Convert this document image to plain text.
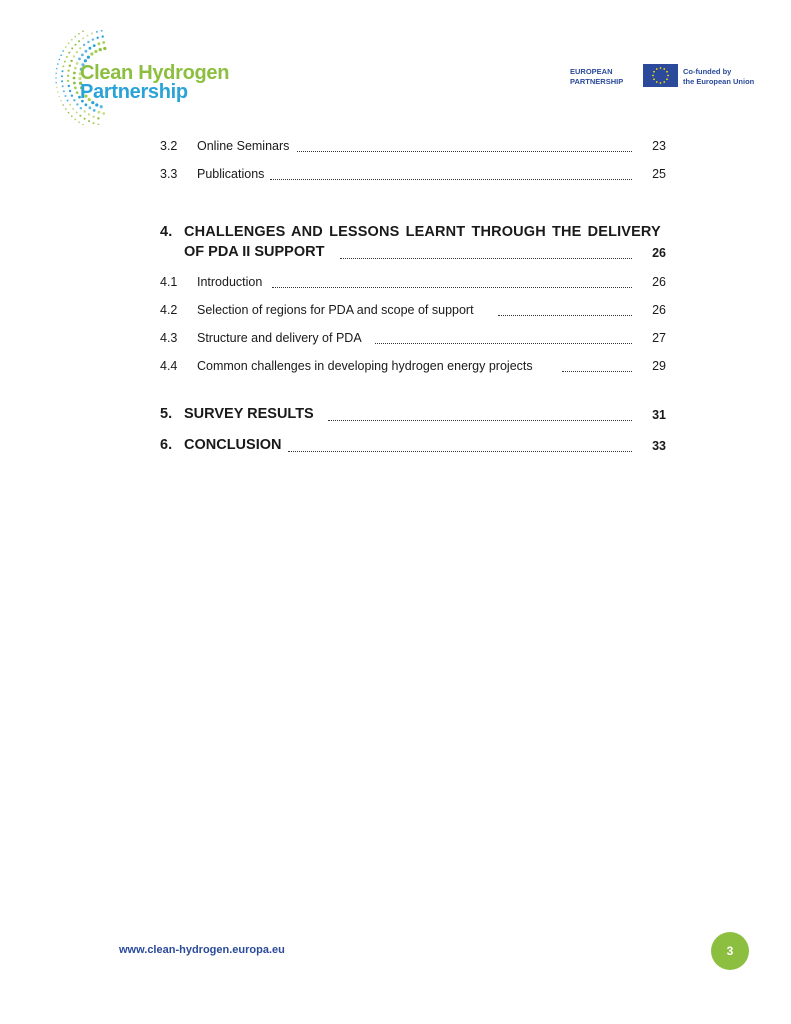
Clean Hydrogen
Partnership
EUROPEAN
PARTNERSHIP
Co-funded by
the European Union
3.2 Online Seminars	23
3.3 Publications	25
4. CHALLENGES AND LESSONS LEARNT THROUGH THE DELIVERY
OF PDA II SUPPORT	26
4.1 Introduction	26
4.2 Selection of regions for PDA and scope of support	26
4.3 Structure and delivery of PDA	27
4.4 Common challenges in developing hydrogen energy projects	29
5. SURVEY RESULTS	31
6. CONCLUSION	33
www.clean-hydrogen.europa.eu	3
